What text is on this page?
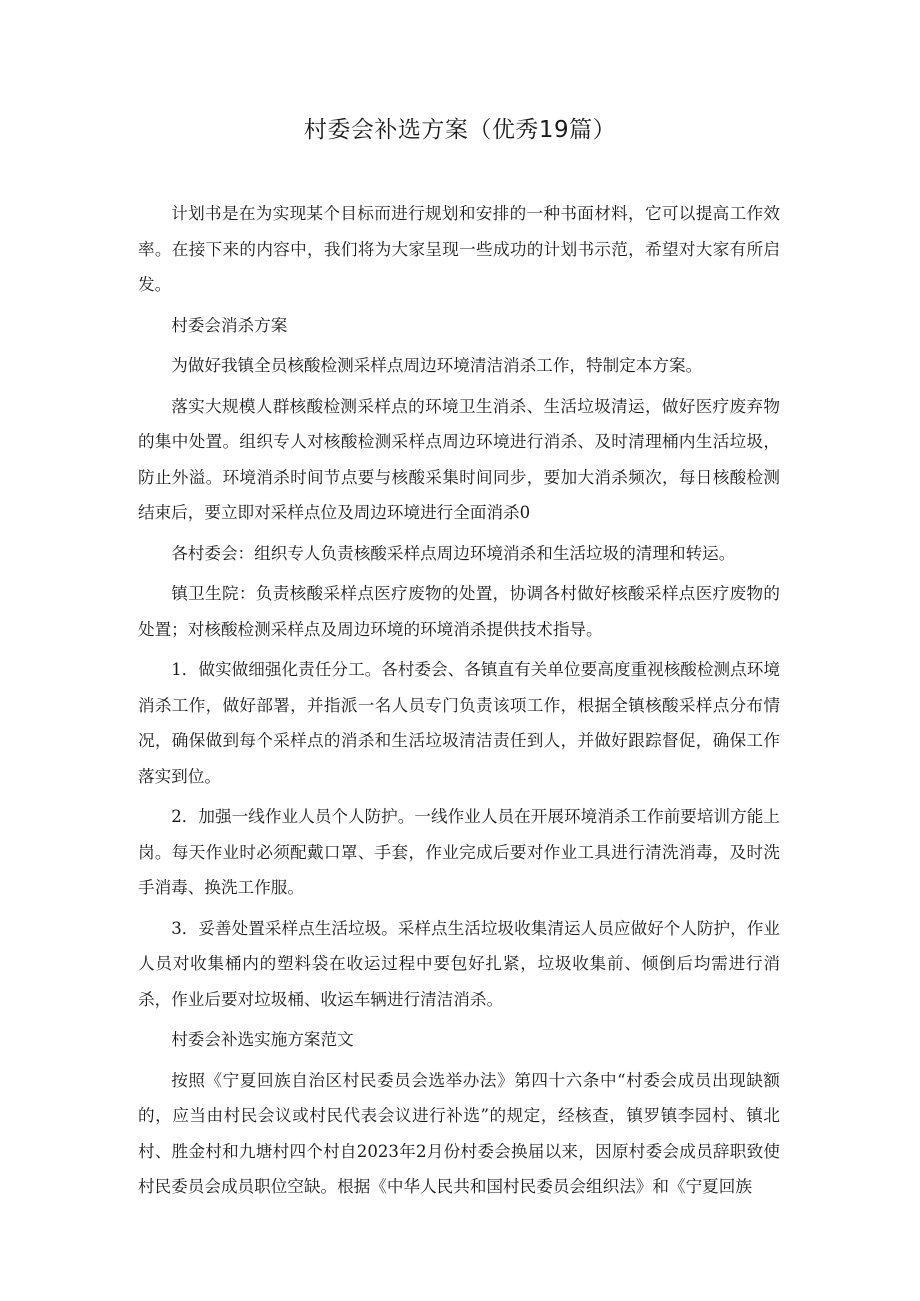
村委会补选方案（优秀19篇）

计划书是在为实现某个目标而进行规划和安排的一种书面材料，它可以提高工作效率。在接下来的内容中，我们将为大家呈现一些成功的计划书示范，希望对大家有所启发。

村委会消杀方案

为做好我镇全员核酸检测采样点周边环境清洁消杀工作，特制定本方案。

落实大规模人群核酸检测采样点的环境卫生消杀、生活垃圾清运，做好医疗废弃物的集中处置。组织专人对核酸检测采样点周边环境进行消杀、及时清理桶内生活垃圾，防止外溢。环境消杀时间节点要与核酸采集时间同步，要加大消杀频次，每日核酸检测结束后，要立即对采样点位及周边环境进行全面消杀0

各村委会：组织专人负责核酸采样点周边环境消杀和生活垃圾的清理和转运。

镇卫生院：负责核酸采样点医疗废物的处置，协调各村做好核酸采样点医疗废物的处置；对核酸检测采样点及周边环境的环境消杀提供技术指导。

1．做实做细强化责任分工。各村委会、各镇直有关单位要高度重视核酸检测点环境消杀工作，做好部署，并指派一名人员专门负责该项工作，根据全镇核酸采样点分布情况，确保做到每个采样点的消杀和生活垃圾清洁责任到人，并做好跟踪督促，确保工作落实到位。

2．加强一线作业人员个人防护。一线作业人员在开展环境消杀工作前要培训方能上岗。每天作业时必须配戴口罩、手套，作业完成后要对作业工具进行清洗消毒，及时洗手消毒、换洗工作服。

3．妥善处置采样点生活垃圾。采样点生活垃圾收集清运人员应做好个人防护，作业人员对收集桶内的塑料袋在收运过程中要包好扎紧，垃圾收集前、倾倒后均需进行消杀，作业后要对垃圾桶、收运车辆进行清洁消杀。

村委会补选实施方案范文

按照《宁夏回族自治区村民委员会选举办法》第四十六条中“村委会成员出现缺额的，应当由村民会议或村民代表会议进行补选”的规定，经核查，镇罗镇李园村、镇北村、胜金村和九塘村四个村自2023年2月份村委会换届以来，因原村委会成员辞职致使村民委员会成员职位空缺。根据《中华人民共和国村民委员会组织法》和《宁夏回族
